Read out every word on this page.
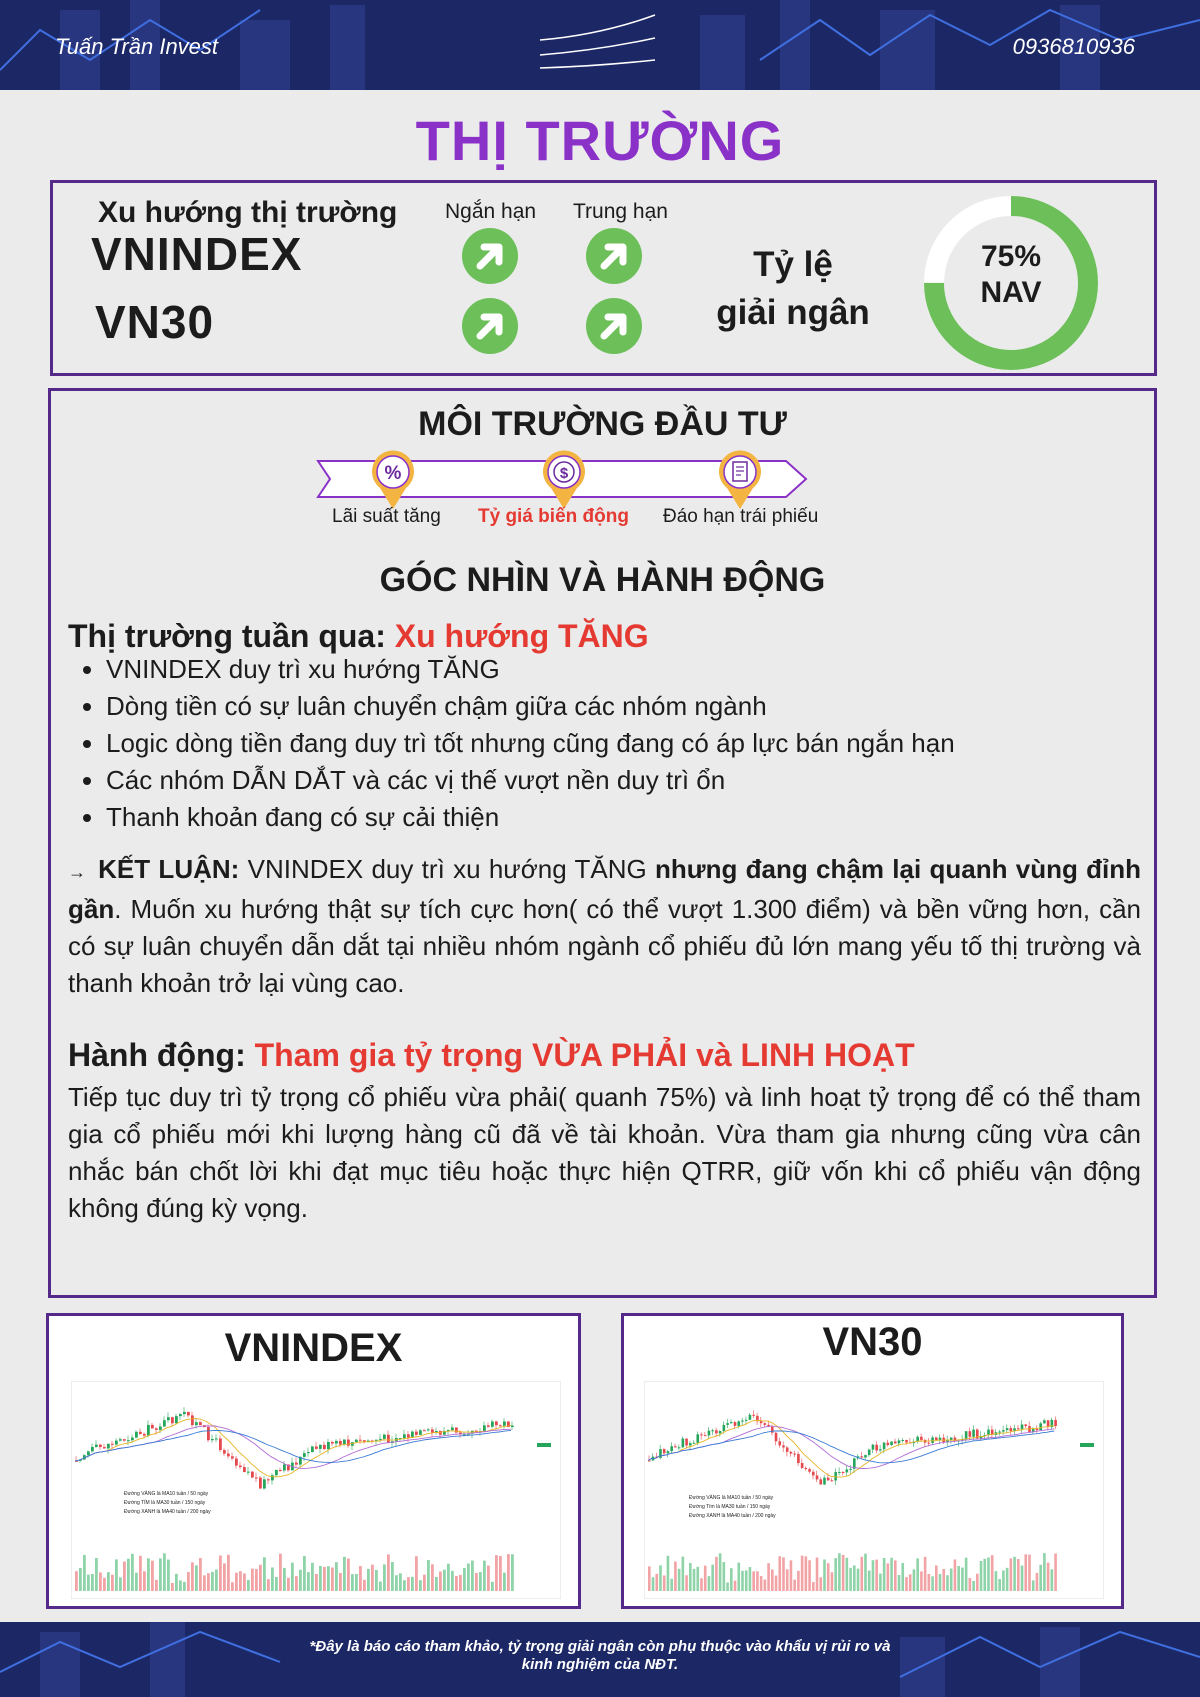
Tuấn Trần Invest	0936810936
THỊ TRƯỜNG
Xu hướng thị trường Ngắn hạn Trung hạn
VNINDEX
VN30
Tỷ lệ
giải ngân
75%
NAV
MÔI TRƯỜNG ĐẦU TƯ
%	$
Lãi suất tăng Tỷ giá biến động Đáo hạn trái phiếu
GÓC NHÌN VÀ HÀNH ĐỘNG
Thị trường tuần qua: Xu hướng TĂNG
• VNINDEX duy trì xu hướng TĂNG
• Dòng tiền có sự luân chuyển chậm giữa các nhóm ngành
• Logic dòng tiền đang duy trì tốt nhưng cũng đang có áp lực bán ngắn hạn
• Các nhóm DẪN DẮT và các vị thế vượt nền duy trì ổn
• Thanh khoản đang có sự cải thiện
→  KẾT LUẬN: VNINDEX duy trì xu hướng TĂNG nhưng đang chậm lại quanh vùng đỉnh gần. Muốn xu hướng thật sự tích cực hơn( có thể vượt 1.300 điểm) và bền vững hơn, cần có sự luân chuyển dẫn dắt tại nhiều nhóm ngành cổ phiếu đủ lớn mang yếu tố thị trường và thanh khoản trở lại vùng cao.
Hành động: Tham gia tỷ trọng VỪA PHẢI và LINH HOẠT
Tiếp tục duy trì tỷ trọng cổ phiếu vừa phải( quanh 75%) và linh hoạt tỷ trọng để có thể tham gia cổ phiếu mới khi lượng hàng cũ đã về tài khoản. Vừa tham gia nhưng cũng vừa cân nhắc bán chốt lời khi đạt mục tiêu hoặc thực hiện QTRR, giữ vốn khi cổ phiếu vận động không đúng kỳ vọng.
VNINDEX
Đường VÀNG là MA10 tuần / 50 ngày
Đường TÍM là MA30 tuần / 150 ngày
Đường XANH là MA40 tuần / 200 ngày
VN30
Đường VÀNG là MA10 tuần / 50 ngày
Đường Tím là MA30 tuần / 150 ngày
Đường XANH là MA40 tuần / 200 ngày
*Đây là báo cáo tham khảo, tỷ trọng giải ngân còn phụ thuộc vào khẩu vị rủi ro và
kinh nghiệm của NĐT.
